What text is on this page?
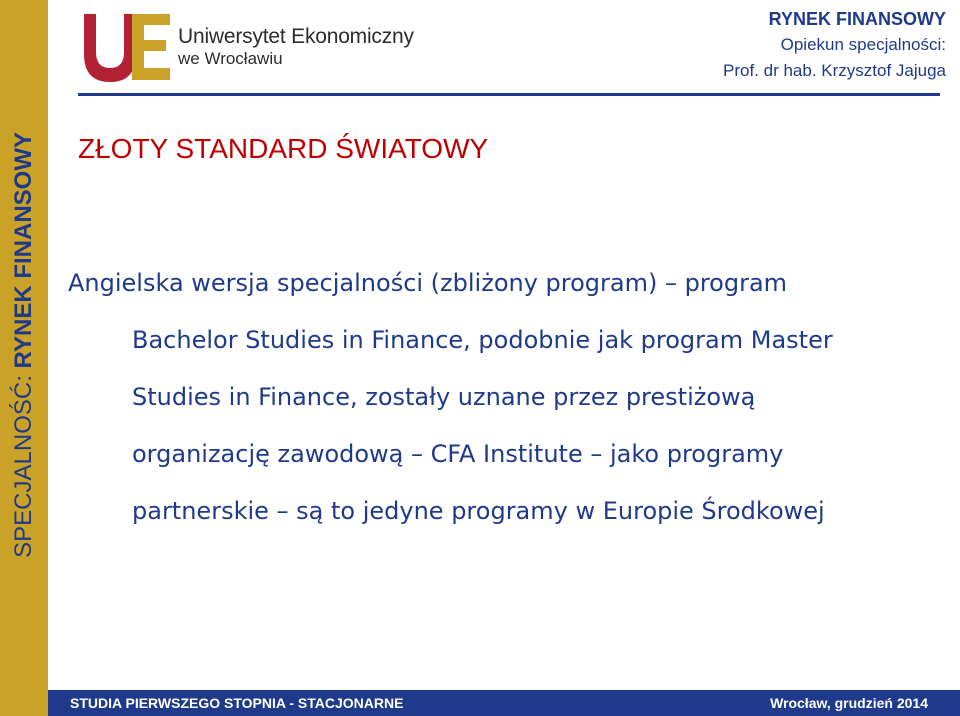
SPECJALNOŚĆ: RYNEK FINANSOWY
Uniwersytet Ekonomiczny
we Wrocławiu
RYNEK FINANSOWY
Opiekun specjalności:
Prof. dr hab. Krzysztof Jajuga
ZŁOTY STANDARD ŚWIATOWY
Angielska wersja specjalności (zbliżony program) – program
Bachelor Studies in Finance, podobnie jak program Master
Studies in Finance, zostały uznane przez prestiżową
organizację zawodową – CFA Institute – jako programy
partnerskie – są to jedyne programy w Europie Środkowej
STUDIA PIERWSZEGO STOPNIA - STACJONARNE	Wrocław, grudzień 2014
